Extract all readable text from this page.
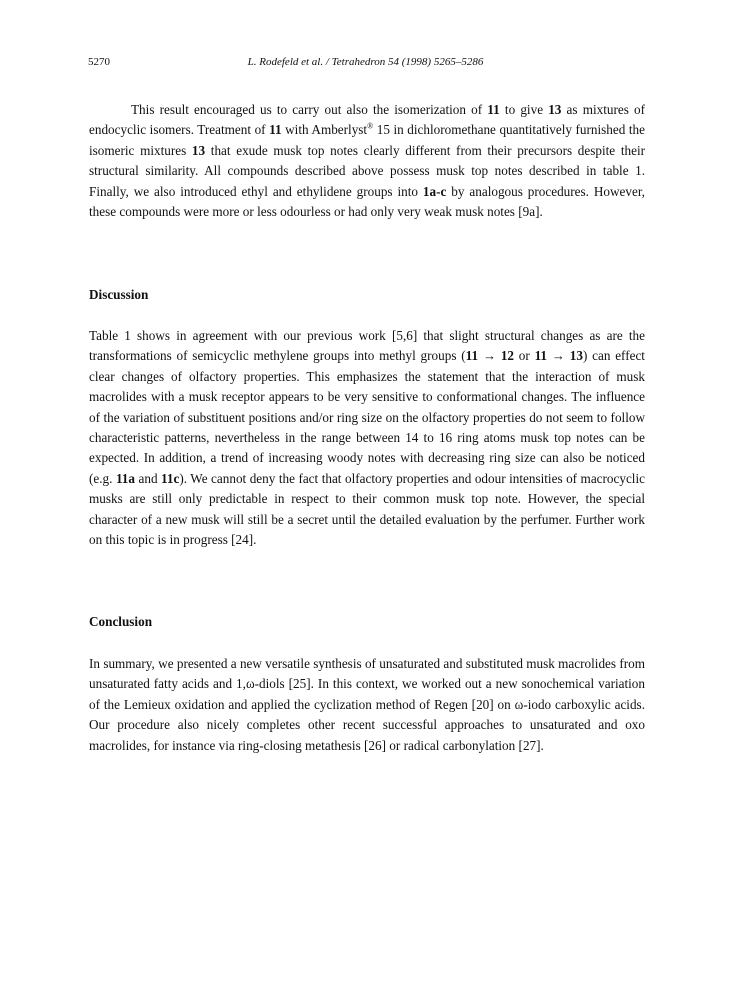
5270	L. Rodefeld et al. / Tetrahedron 54 (1998) 5265–5286

This result encouraged us to carry out also the isomerization of 11 to give 13 as mixtures of endocyclic isomers. Treatment of 11 with Amberlyst® 15 in dichloromethane quantitatively furnished the isomeric mixtures 13 that exude musk top notes clearly different from their precursors despite their structural similarity. All compounds described above possess musk top notes described in table 1. Finally, we also introduced ethyl and ethylidene groups into 1a-c by analogous procedures. However, these compounds were more or less odourless or had only very weak musk notes [9a].

Discussion

Table 1 shows in agreement with our previous work [5,6] that slight structural changes as are the transformations of semicyclic methylene groups into methyl groups (11 → 12 or 11 → 13) can effect clear changes of olfactory properties. This emphasizes the statement that the interaction of musk macrolides with a musk receptor appears to be very sensitive to conformational changes. The influence of the variation of substituent positions and/or ring size on the olfactory properties do not seem to follow characteristic patterns, nevertheless in the range between 14 to 16 ring atoms musk top notes can be expected. In addition, a trend of increasing woody notes with decreasing ring size can also be noticed (e.g. 11a and 11c). We cannot deny the fact that olfactory properties and odour intensities of macrocyclic musks are still only predictable in respect to their common musk top note. However, the special character of a new musk will still be a secret until the detailed evaluation by the perfumer. Further work on this topic is in progress [24].

Conclusion

In summary, we presented a new versatile synthesis of unsaturated and substituted musk macrolides from unsaturated fatty acids and 1,ω-diols [25]. In this context, we worked out a new sonochemical variation of the Lemieux oxidation and applied the cyclization method of Regen [20] on ω-iodo carboxylic acids. Our procedure also nicely completes other recent successful approaches to unsaturated and oxo macrolides, for instance via ring-closing metathesis [26] or radical carbonylation [27].
